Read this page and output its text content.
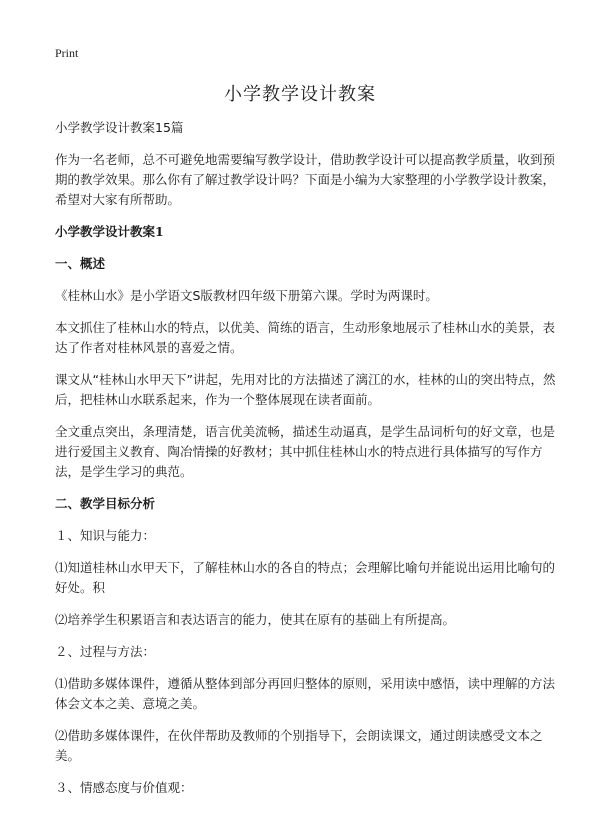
Print
小学教学设计教案

小学教学设计教案15篇

作为一名老师，总不可避免地需要编写教学设计，借助教学设计可以提高教学质量，收到预期的教学效果。那么你有了解过教学设计吗？下面是小编为大家整理的小学教学设计教案，希望对大家有所帮助。

小学教学设计教案1

一、概述

《桂林山水》是小学语文S版教材四年级下册第六课。学时为两课时。

本文抓住了桂林山水的特点，以优美、简练的语言，生动形象地展示了桂林山水的美景，表达了作者对桂林风景的喜爱之情。

课文从“桂林山水甲天下”讲起，先用对比的方法描述了漓江的水，桂林的山的突出特点，然后，把桂林山水联系起来，作为一个整体展现在读者面前。

全文重点突出，条理清楚，语言优美流畅，描述生动逼真，是学生品词析句的好文章，也是进行爱国主义教育、陶冶情操的好教材；其中抓住桂林山水的特点进行具体描写的写作方法，是学生学习的典范。

二、教学目标分析

１、知识与能力：

⑴知道桂林山水甲天下，了解桂林山水的各自的特点；会理解比喻句并能说出运用比喻句的好处。积

⑵培养学生积累语言和表达语言的能力，使其在原有的基础上有所提高。

２、过程与方法：

⑴借助多媒体课件，遵循从整体到部分再回归整体的原则，采用读中感悟，读中理解的方法体会文本之美、意境之美。

⑵借助多媒体课件，在伙伴帮助及教师的个别指导下，会朗读课文，通过朗读感受文本之美。

３、情感态度与价值观：
